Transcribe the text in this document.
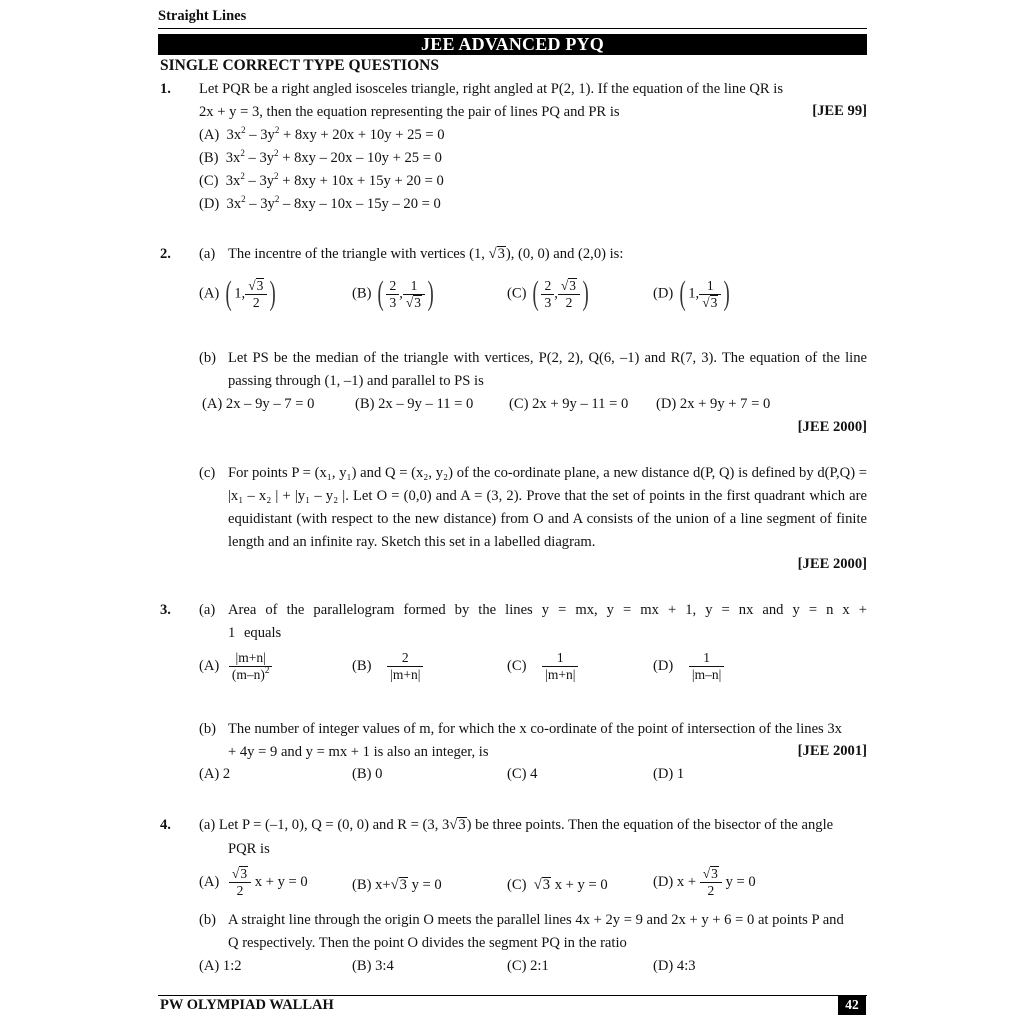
Straight Lines
JEE ADVANCED PYQ
SINGLE CORRECT TYPE QUESTIONS
1. Let PQR be a right angled isosceles triangle, right angled at P(2, 1). If the equation of the line QR is
2x + y = 3, then the equation representing the pair of lines PQ and PR is	[JEE 99]
(A)  $3x^2 - 3y^2 + 8xy + 20x + 10y + 25 = 0$
(B)  $3x^2 - 3y^2 + 8xy - 20x - 10y + 25 = 0$
(C)  $3x^2 - 3y^2 + 8xy + 10x + 15y + 20 = 0$
(D)  $3x^2 - 3y^2 - 8xy - 10x - 15y - 20 = 0$
2. (a) The incentre of the triangle with vertices (1, √3), (0, 0) and (2,0) is:
(A) ( 1, $\frac{√3}{2}$ )	(B) ( $\frac{2}{3}$ , $\frac{1}{√3}$ )	(C) ( $\frac{2}{3}$ , $\frac{√3}{2}$ )	(D) ( 1, $\frac{1}{√3}$ )
(b) Let PS be the median of the triangle with vertices, P(2, 2), Q(6, –1) and R(7, 3). The equation of the line passing through (1, –1) and parallel to PS is
(A) 2x – 9y – 7 = 0	(B) 2x – 9y – 11 = 0 (C) 2x + 9y – 11 = 0 (D) 2x + 9y + 7 = 0
[JEE 2000]
(c) For points P = (x₁, y₁) and Q = (x₂, y₂) of the co-ordinate plane, a new distance d(P, Q) is defined by d(P,Q) = |x₁ – x₂ | + |y₁ – y₂ |. Let O = (0,0) and A = (3, 2). Prove that the set of points in the first quadrant which are equidistant (with respect to the new distance) from O and A consists of the union of a line segment of finite length and an infinite ray. Sketch this set in a labelled diagram.
[JEE 2000]
3. (a) Area of the parallelogram formed by the lines y = mx, y = mx + 1, y = nx and y = n x + 1 equals
$(A) \frac{|m+n|}{(m-n)^2}$	$(B) \frac{2}{|m+n|}$	$(C) \frac{1}{|m+n|}$	$(D) \frac{1}{|m-n|}$
(b) The number of integer values of m, for which the x co-ordinate of the point of intersection of the lines 3x
+ 4y = 9 and y = mx + 1 is also an integer, is	[JEE 2001]
(A) 2	(B) 0	(C) 4	(D) 1
4. (a) Let P = (–1, 0), Q = (0, 0) and R = (3, 3√3) be three points. Then the equation of the bisector of the angle
PQR is
$(A) \frac{√3}{2}$ x + y = 0	(B) x+√3 y = 0	(C)  √3 x + y = 0	(D) $x + \frac{√3}{2}$ y = 0
(b) A straight line through the origin O meets the parallel lines 4x + 2y = 9 and 2x + y + 6 = 0 at points P and
Q respectively. Then the point O divides the segment PQ in the ratio
(A) 1:2	(B) 3:4	(C) 2:1	(D) 4:3
PW OLYMPIAD WALLAH	42
